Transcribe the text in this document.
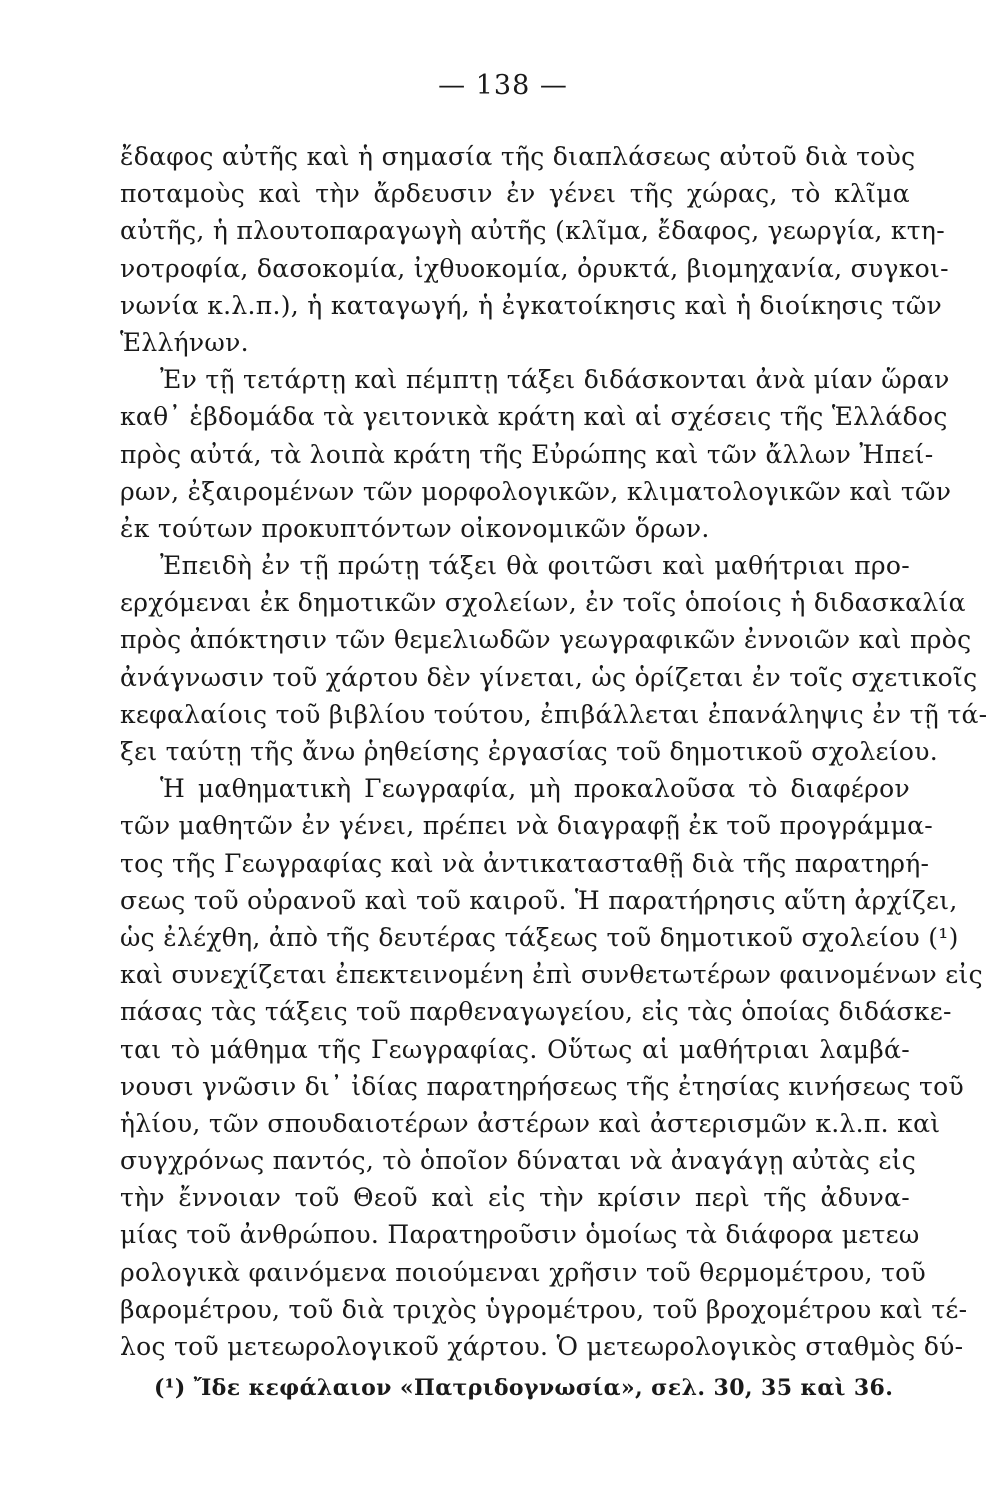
— 138 —
ἔδαφος αὐτῆς καὶ ἡ σημασία τῆς διαπλάσεως αὐτοῦ διὰ τοὺς
ποταμοὺς καὶ τὴν ἄρδευσιν ἐν γένει τῆς χώρας, τὸ κλῖμα
αὐτῆς, ἡ πλουτοπαραγωγὴ αὐτῆς (κλῖμα, ἔδαφος, γεωργία, κτη-
νοτροφία, δασοκομία, ἰχθυοκομία, ὀρυκτά, βιομηχανία, συγκοι-
νωνία κ.λ.π.), ἡ καταγωγή, ἡ ἐγκατοίκησις καὶ ἡ διοίκησις τῶν
Ἑλλήνων.
Ἐν τῇ τετάρτῃ καὶ πέμπτῃ τάξει διδάσκονται ἀνὰ μίαν ὥραν
καθ᾽ ἑβδομάδα τὰ γειτονικὰ κράτη καὶ αἱ σχέσεις τῆς Ἑλλάδος
πρὸς αὐτά, τὰ λοιπὰ κράτη τῆς Εὐρώπης καὶ τῶν ἄλλων Ἠπεί-
ρων, ἐξαιρομένων τῶν μορφολογικῶν, κλιματολογικῶν καὶ τῶν
ἐκ τούτων προκυπτόντων οἰκονομικῶν ὅρων.
Ἐπειδὴ ἐν τῇ πρώτῃ τάξει θὰ φοιτῶσι καὶ μαθήτριαι προ-
ερχόμεναι ἐκ δημοτικῶν σχολείων, ἐν τοῖς ὁποίοις ἡ διδασκαλία
πρὸς ἀπόκτησιν τῶν θεμελιωδῶν γεωγραφικῶν ἐννοιῶν καὶ πρὸς
ἀνάγνωσιν τοῦ χάρτου δὲν γίνεται, ὡς ὁρίζεται ἐν τοῖς σχετικοῖς
κεφαλαίοις τοῦ βιβλίου τούτου, ἐπιβάλλεται ἐπανάληψις ἐν τῇ τά-
ξει ταύτῃ τῆς ἄνω ῥηθείσης ἐργασίας τοῦ δημοτικοῦ σχολείου.
Ἡ μαθηματικὴ Γεωγραφία, μὴ προκαλοῦσα τὸ διαφέρον
τῶν μαθητῶν ἐν γένει, πρέπει νὰ διαγραφῇ ἐκ τοῦ προγράμμα-
τος τῆς Γεωγραφίας καὶ νὰ ἀντικατασταθῇ διὰ τῆς παρατηρή-
σεως τοῦ οὐρανοῦ καὶ τοῦ καιροῦ. Ἡ παρατήρησις αὕτη ἀρχίζει,
ὡς ἐλέχθη, ἀπὸ τῆς δευτέρας τάξεως τοῦ δημοτικοῦ σχολείου (¹)
καὶ συνεχίζεται ἐπεκτεινομένη ἐπὶ συνθετωτέρων φαινομένων εἰς
πάσας τὰς τάξεις τοῦ παρθεναγωγείου, εἰς τὰς ὁποίας διδάσκε-
ται τὸ μάθημα τῆς Γεωγραφίας. Οὕτως αἱ μαθήτριαι λαμβά-
νουσι γνῶσιν δι᾽ ἰδίας παρατηρήσεως τῆς ἐτησίας κινήσεως τοῦ
ἡλίου, τῶν σπουδαιοτέρων ἀστέρων καὶ ἀστερισμῶν κ.λ.π. καὶ
συγχρόνως παντός, τὸ ὁποῖον δύναται νὰ ἀναγάγῃ αὐτὰς εἰς
τὴν ἔννοιαν τοῦ Θεοῦ καὶ εἰς τὴν κρίσιν περὶ τῆς ἀδυνα-
μίας τοῦ ἀνθρώπου. Παρατηροῦσιν ὁμοίως τὰ διάφορα μετεω
ρολογικὰ φαινόμενα ποιούμεναι χρῆσιν τοῦ θερμομέτρου, τοῦ
βαρομέτρου, τοῦ διὰ τριχὸς ὑγρομέτρου, τοῦ βροχομέτρου καὶ τέ-
λος τοῦ μετεωρολογικοῦ χάρτου. Ὁ μετεωρολογικὸς σταθμὸς δύ-
(¹) Ἴδε κεφάλαιον «Πατριδογνωσία», σελ. 30, 35 καὶ 36.
